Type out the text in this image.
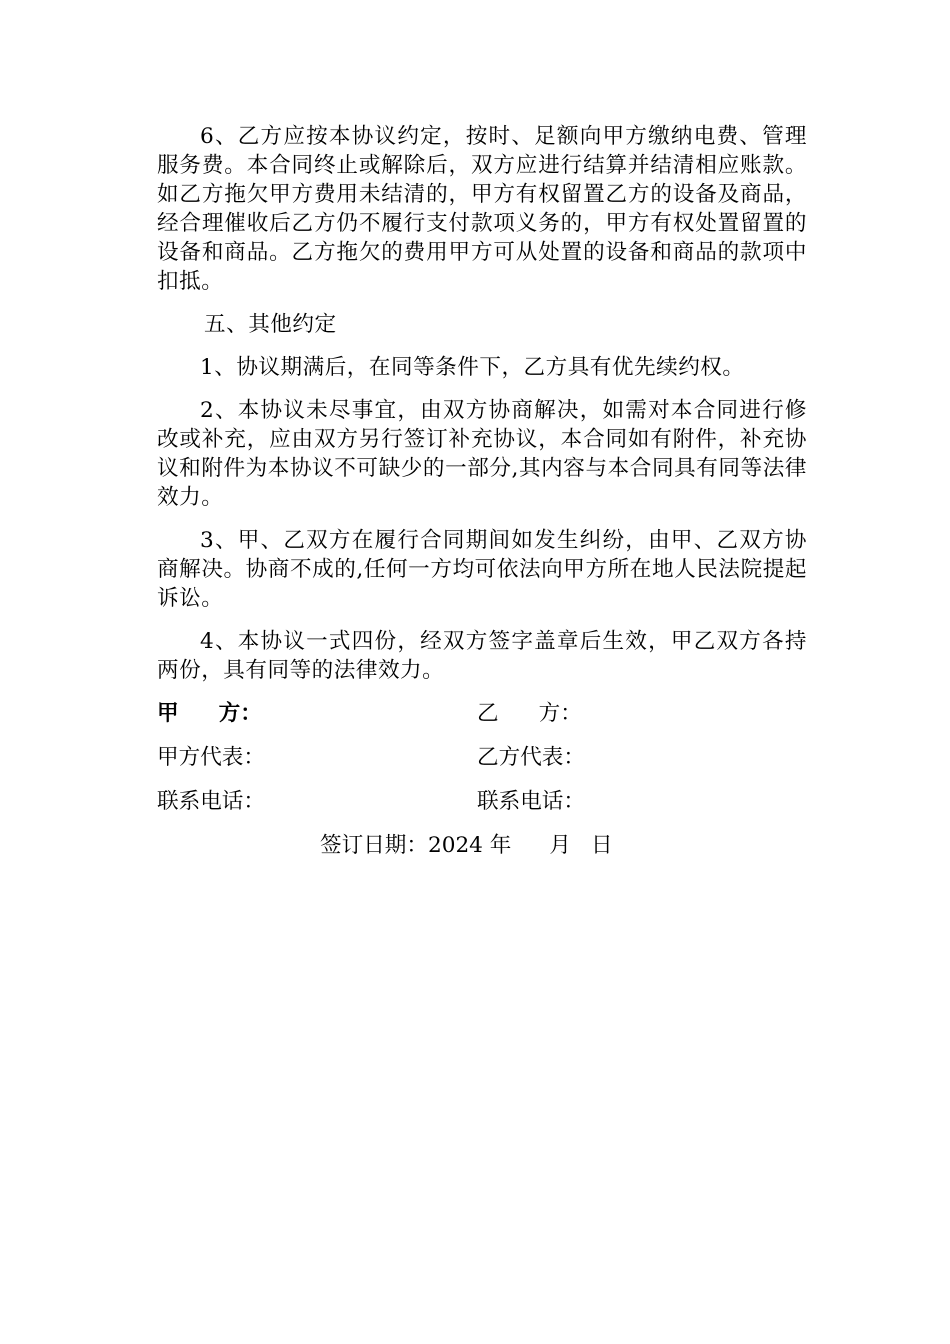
6、乙方应按本协议约定，按时、足额向甲方缴纳电费、管理服务费。本合同终止或解除后，双方应进行结算并结清相应账款。如乙方拖欠甲方费用未结清的，甲方有权留置乙方的设备及商品，经合理催收后乙方仍不履行支付款项义务的，甲方有权处置留置的设备和商品。乙方拖欠的费用甲方可从处置的设备和商品的款项中扣抵。

五、其他约定

1、协议期满后，在同等条件下，乙方具有优先续约权。

2、本协议未尽事宜，由双方协商解决，如需对本合同进行修改或补充，应由双方另行签订补充协议，本合同如有附件，补充协议和附件为本协议不可缺少的一部分,其内容与本合同具有同等法律效力。

3、甲、乙双方在履行合同期间如发生纠纷，由甲、乙双方协商解决。协商不成的,任何一方均可依法向甲方所在地人民法院提起诉讼。

4、本协议一式四份，经双方签字盖章后生效，甲乙双方各持两份，具有同等的法律效力。

甲 方：	乙 方：
甲方代表：	乙方代表：
联系电话：	联系电话：
签订日期：2024 年 月 日
